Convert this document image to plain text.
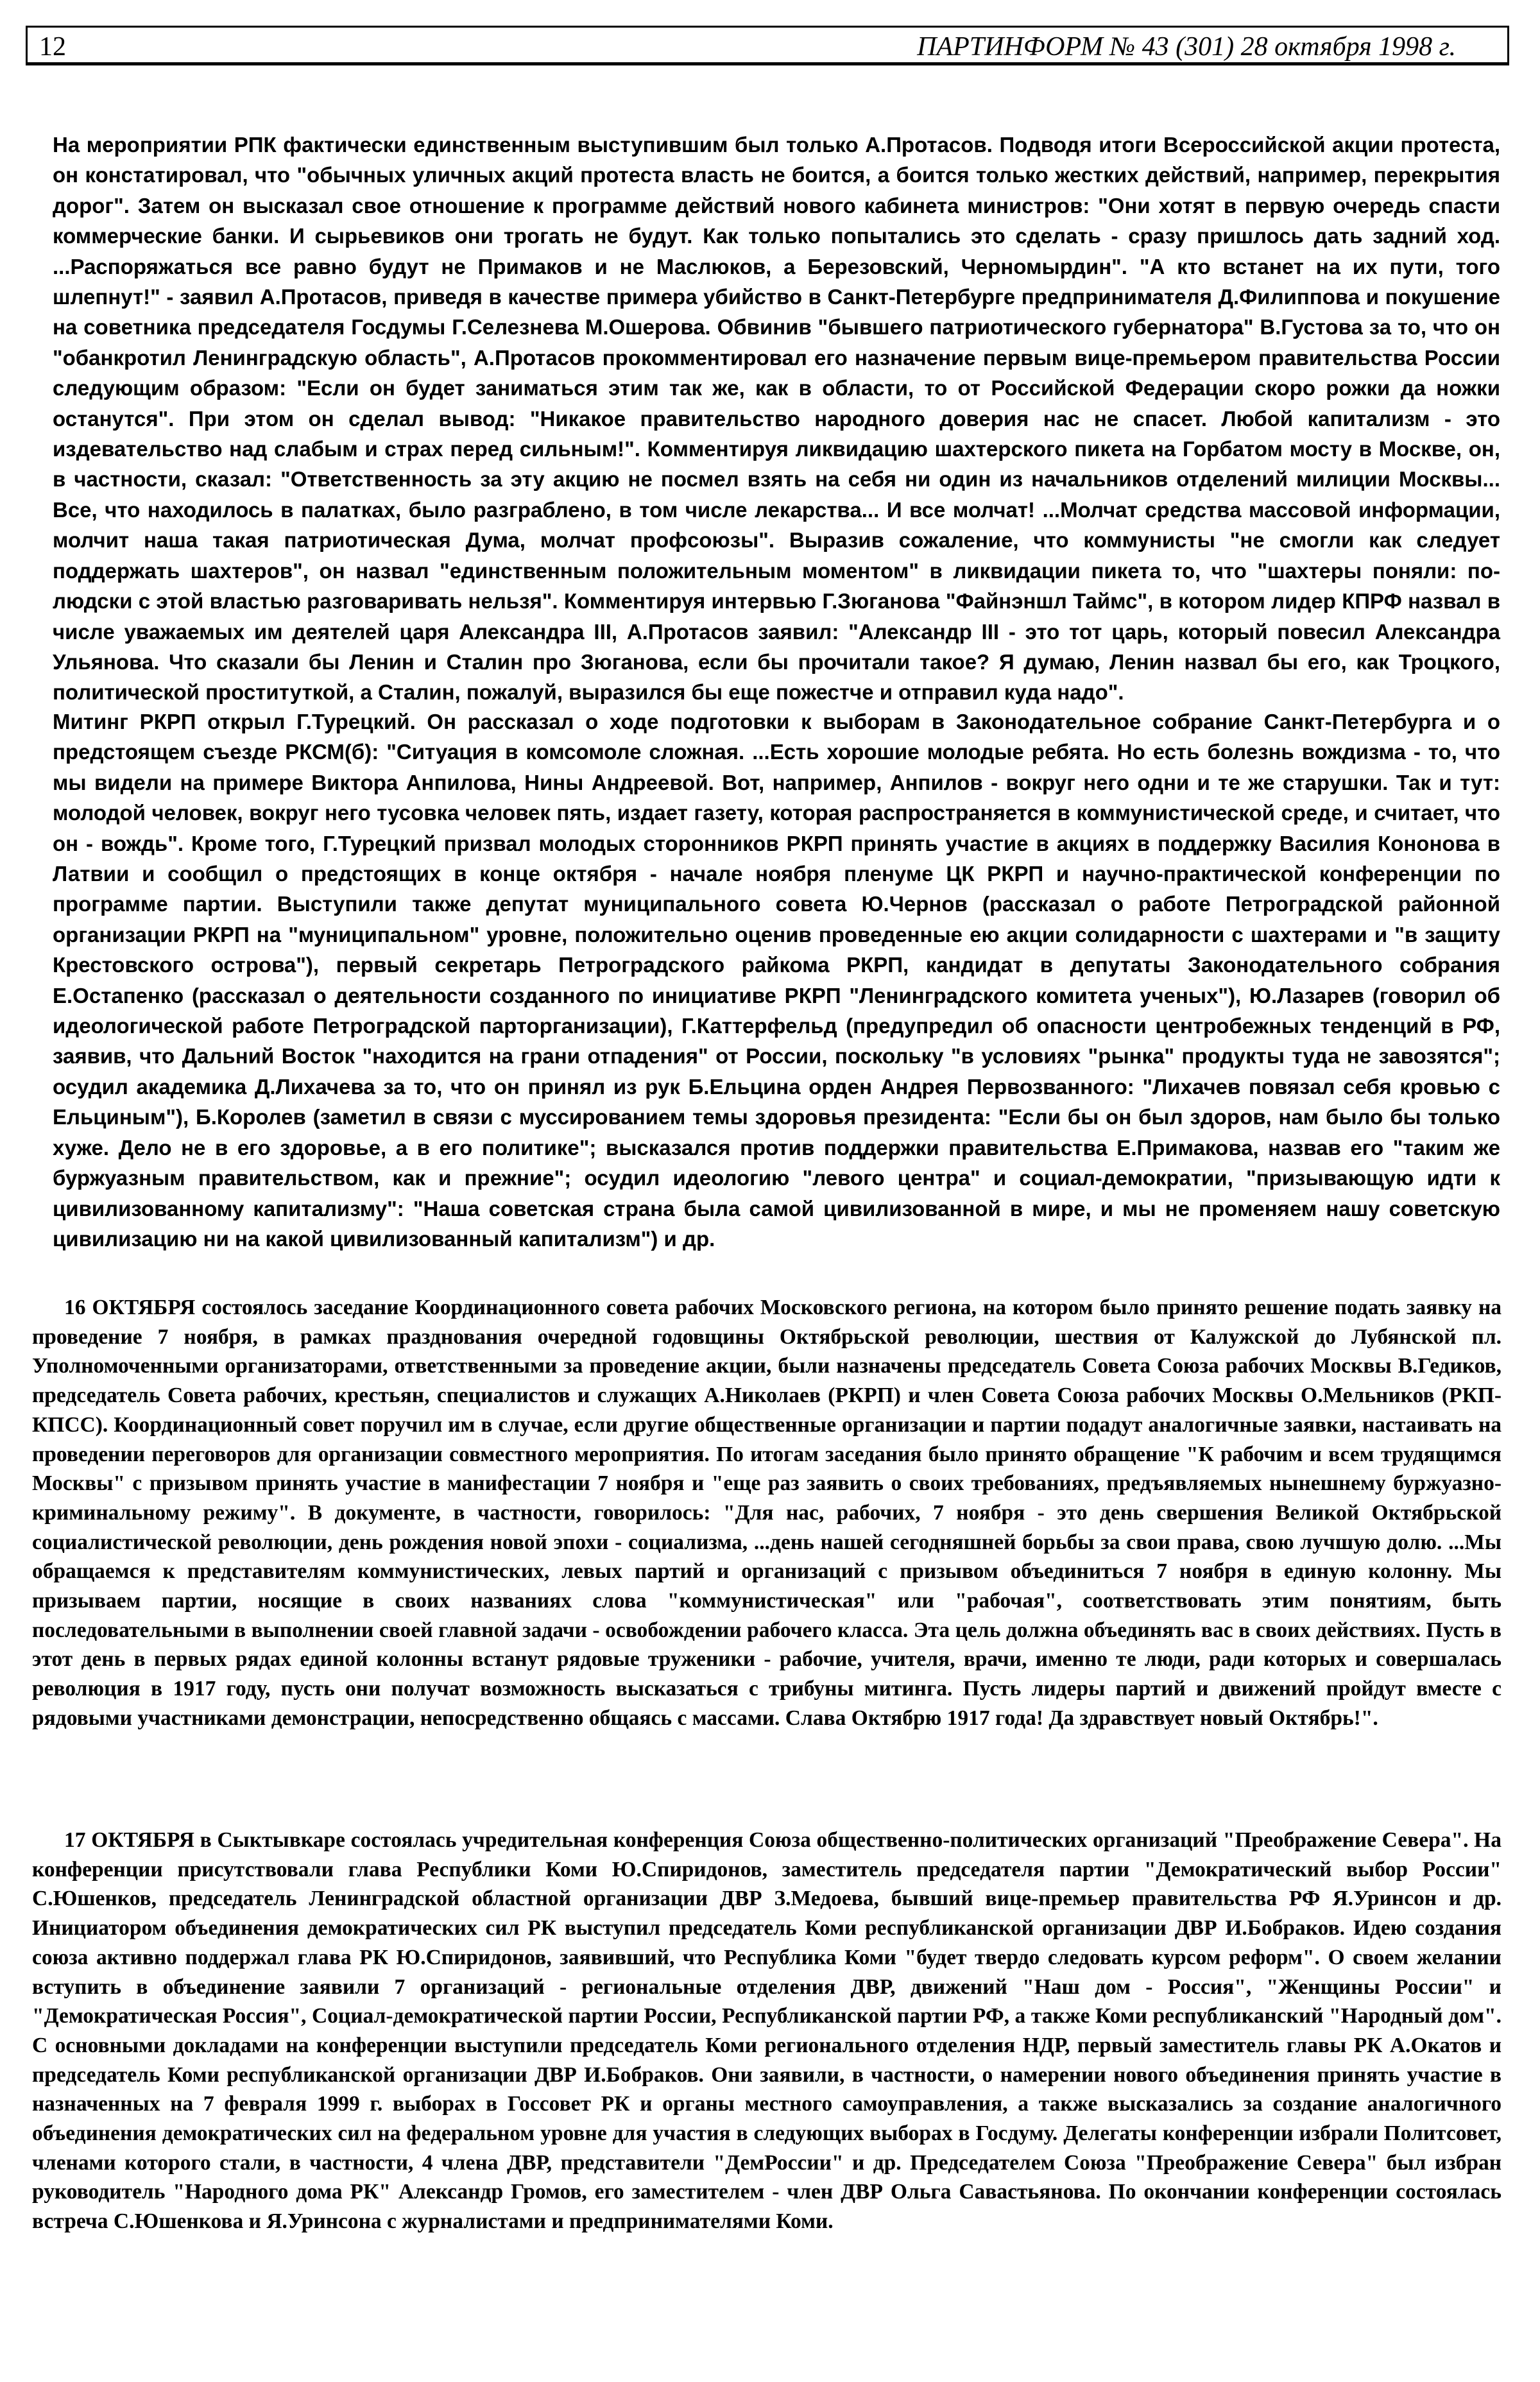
12	ПАРТИНФОРМ № 43 (301) 28 октября 1998 г.

На мероприятии РПК фактически единственным выступившим был только А.Протасов. Подводя итоги Всероссийской акции протеста, он констатировал, что "обычных уличных акций протеста власть не боится, а боится только жестких действий, например, перекрытия дорог". Затем он высказал свое отношение к программе действий нового кабинета министров: "Они хотят в первую очередь спасти коммерческие банки. И сырьевиков они трогать не будут. Как только попытались это сделать - сразу пришлось дать задний ход. ...Распоряжаться все равно будут не Примаков и не Маслюков, а Березовский, Черномырдин". "А кто встанет на их пути, того шлепнут!" - заявил А.Протасов, приведя в качестве примера убийство в Санкт-Петербурге предпринимателя Д.Филиппова и покушение на советника председателя Госдумы Г.Селезнева М.Ошерова. Обвинив "бывшего патриотического губернатора" В.Густова за то, что он "обанкротил Ленинградскую область", А.Протасов прокомментировал его назначение первым вице-премьером правительства России следующим образом: "Если он будет заниматься этим так же, как в области, то от Российской Федерации скоро рожки да ножки останутся". При этом он сделал вывод: "Никакое правительство народного доверия нас не спасет. Любой капитализм - это издевательство над слабым и страх перед сильным!". Комментируя ликвидацию шахтерского пикета на Горбатом мосту в Москве, он, в частности, сказал: "Ответственность за эту акцию не посмел взять на себя ни один из начальников отделений милиции Москвы... Все, что находилось в палатках, было разграблено, в том числе лекарства... И все молчат! ...Молчат средства массовой информации, молчит наша такая патриотическая Дума, молчат профсоюзы". Выразив сожаление, что коммунисты "не смогли как следует поддержать шахтеров", он назвал "единственным положительным моментом" в ликвидации пикета то, что "шахтеры поняли: по-людски с этой властью разговаривать нельзя". Комментируя интервью Г.Зюганова "Файнэншл Таймс", в котором лидер КПРФ назвал в числе уважаемых им деятелей царя Александра III, А.Протасов заявил: "Александр III - это тот царь, который повесил Александра Ульянова. Что сказали бы Ленин и Сталин про Зюганова, если бы прочитали такое? Я думаю, Ленин назвал бы его, как Троцкого, политической проституткой, а Сталин, пожалуй, выразился бы еще пожестче и отправил куда надо".

Митинг РКРП открыл Г.Турецкий. Он рассказал о ходе подготовки к выборам в Законодательное собрание Санкт-Петербурга и о предстоящем съезде РКСМ(б): "Ситуация в комсомоле сложная. ...Есть хорошие молодые ребята. Но есть болезнь вождизма - то, что мы видели на примере Виктора Анпилова, Нины Андреевой. Вот, например, Анпилов - вокруг него одни и те же старушки. Так и тут: молодой человек, вокруг него тусовка человек пять, издает газету, которая распространяется в коммунистической среде, и считает, что он - вождь". Кроме того, Г.Турецкий призвал молодых сторонников РКРП принять участие в акциях в поддержку Василия Кононова в Латвии и сообщил о предстоящих в конце октября - начале ноября пленуме ЦК РКРП и научно-практической конференции по программе партии. Выступили также депутат муниципального совета Ю.Чернов (рассказал о работе Петроградской районной организации РКРП на "муниципальном" уровне, положительно оценив проведенные ею акции солидарности с шахтерами и "в защиту Крестовского острова"), первый секретарь Петроградского райкома РКРП, кандидат в депутаты Законодательного собрания Е.Остапенко (рассказал о деятельности созданного по инициативе РКРП "Ленинградского комитета ученых"), Ю.Лазарев (говорил об идеологической работе Петроградской парторганизации), Г.Каттерфельд (предупредил об опасности центробежных тенденций в РФ, заявив, что Дальний Восток "находится на грани отпадения" от России, поскольку "в условиях "рынка" продукты туда не завозятся"; осудил академика Д.Лихачева за то, что он принял из рук Б.Ельцина орден Андрея Первозванного: "Лихачев повязал себя кровью с Ельциным"), Б.Королев (заметил в связи с муссированием темы здоровья президента: "Если бы он был здоров, нам было бы только хуже. Дело не в его здоровье, а в его политике"; высказался против поддержки правительства Е.Примакова, назвав его "таким же буржуазным правительством, как и прежние"; осудил идеологию "левого центра" и социал-демократии, "призывающую идти к цивилизованному капитализму": "Наша советская страна была самой цивилизованной в мире, и мы не променяем нашу советскую цивилизацию ни на какой цивилизованный капитализм") и др.

16 ОКТЯБРЯ состоялось заседание Координационного совета рабочих Московского региона, на котором было принято решение подать заявку на проведение 7 ноября, в рамках празднования очередной годовщины Октябрьской революции, шествия от Калужской до Лубянской пл. Уполномоченными организаторами, ответственными за проведение акции, были назначены председатель Совета Союза рабочих Москвы В.Гедиков, председатель Совета рабочих, крестьян, специалистов и служащих А.Николаев (РКРП) и член Совета Союза рабочих Москвы О.Мельников (РКП-КПСС). Координационный совет поручил им в случае, если другие общественные организации и партии подадут аналогичные заявки, настаивать на проведении переговоров для организации совместного мероприятия. По итогам заседания было принято обращение "К рабочим и всем трудящимся Москвы" с призывом принять участие в манифестации 7 ноября и "еще раз заявить о своих требованиях, предъявляемых нынешнему буржуазно-криминальному режиму". В документе, в частности, говорилось: "Для нас, рабочих, 7 ноября - это день свершения Великой Октябрьской социалистической революции, день рождения новой эпохи - социализма, ...день нашей сегодняшней борьбы за свои права, свою лучшую долю. ...Мы обращаемся к представителям коммунистических, левых партий и организаций с призывом объединиться 7 ноября в единую колонну. Мы призываем партии, носящие в своих названиях слова "коммунистическая" или "рабочая", соответствовать этим понятиям, быть последовательными в выполнении своей главной задачи - освобождении рабочего класса. Эта цель должна объединять вас в своих действиях. Пусть в этот день в первых рядах единой колонны встанут рядовые труженики - рабочие, учителя, врачи, именно те люди, ради которых и совершалась революция в 1917 году, пусть они получат возможность высказаться с трибуны митинга. Пусть лидеры партий и движений пройдут вместе с рядовыми участниками демонстрации, непосредственно общаясь с массами. Слава Октябрю 1917 года! Да здравствует новый Октябрь!".

17 ОКТЯБРЯ в Сыктывкаре состоялась учредительная конференция Союза общественно-политических организаций "Преображение Севера". На конференции присутствовали глава Республики Коми Ю.Спиридонов, заместитель председателя партии "Демократический выбор России" С.Юшенков, председатель Ленинградской областной организации ДВР З.Медоева, бывший вице-премьер правительства РФ Я.Уринсон и др. Инициатором объединения демократических сил РК выступил председатель Коми республиканской организации ДВР И.Бобраков. Идею создания союза активно поддержал глава РК Ю.Спиридонов, заявивший, что Республика Коми "будет твердо следовать курсом реформ". О своем желании вступить в объединение заявили 7 организаций - региональные отделения ДВР, движений "Наш дом - Россия", "Женщины России" и "Демократическая Россия", Социал-демократической партии России, Республиканской партии РФ, а также Коми республиканский "Народный дом". С основными докладами на конференции выступили председатель Коми регионального отделения НДР, первый заместитель главы РК А.Окатов и председатель Коми республиканской организации ДВР И.Бобраков. Они заявили, в частности, о намерении нового объединения принять участие в назначенных на 7 февраля 1999 г. выборах в Госсовет РК и органы местного самоуправления, а также высказались за создание аналогичного объединения демократических сил на федеральном уровне для участия в следующих выборах в Госдуму. Делегаты конференции избрали Политсовет, членами которого стали, в частности, 4 члена ДВР, представители "ДемРоссии" и др. Председателем Союза "Преображение Севера" был избран руководитель "Народного дома РК" Александр Громов, его заместителем - член ДВР Ольга Савастьянова. По окончании конференции состоялась встреча С.Юшенкова и Я.Уринсона с журналистами и предпринимателями Коми.
